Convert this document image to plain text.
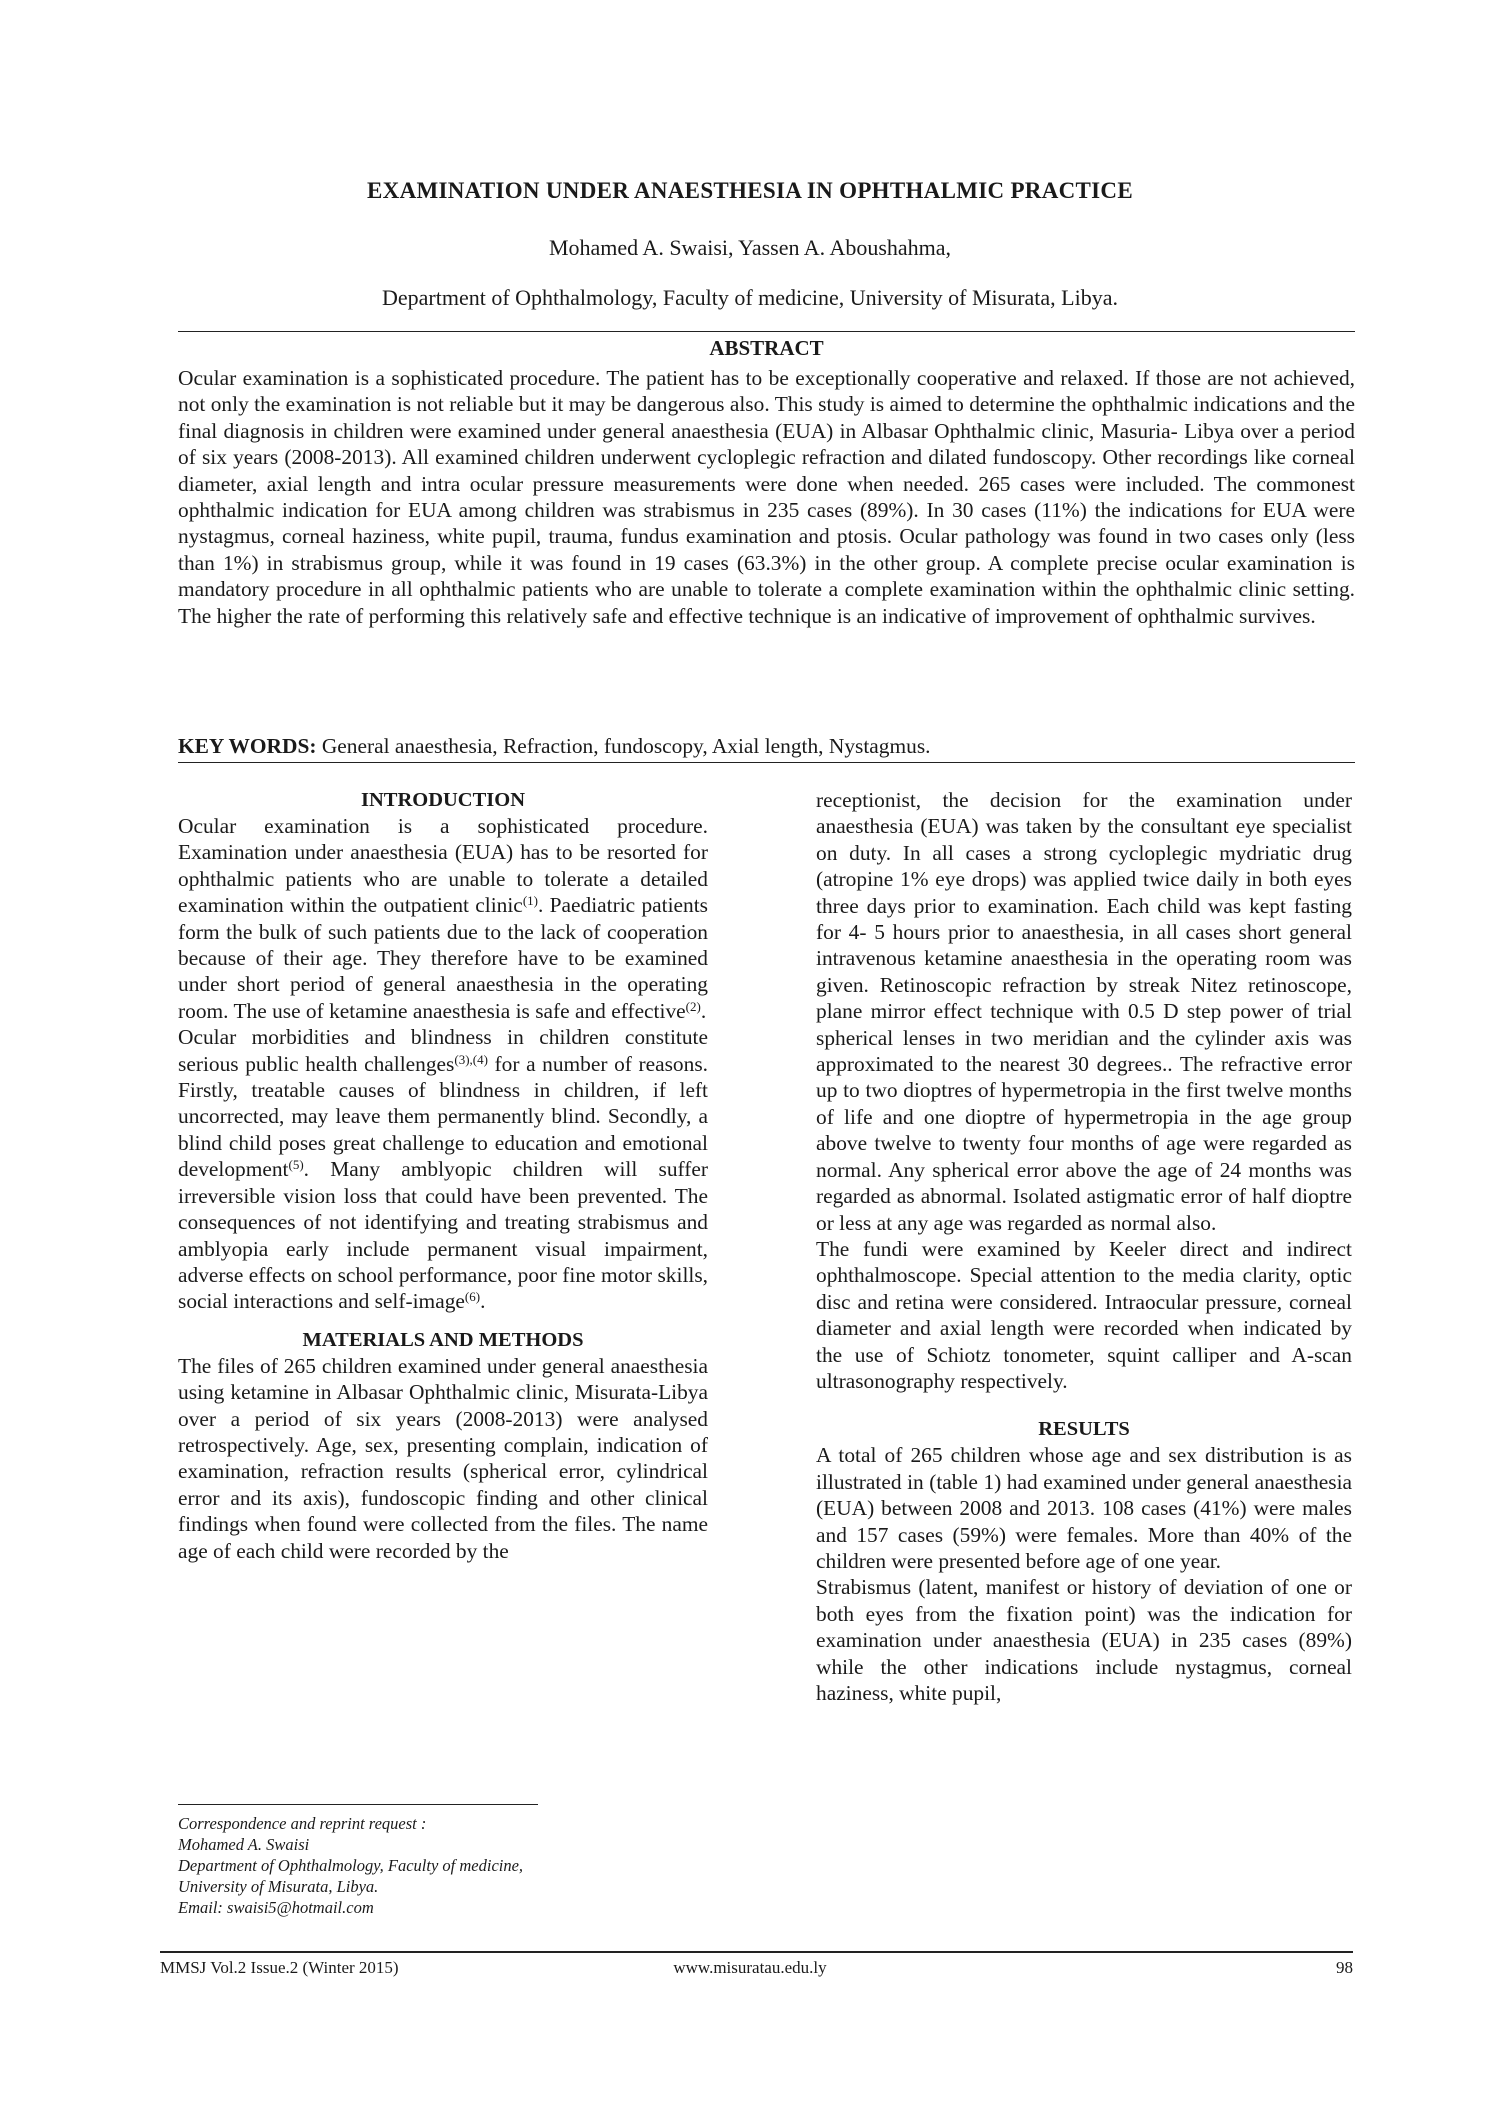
EXAMINATION UNDER ANAESTHESIA IN OPHTHALMIC PRACTICE
Mohamed A. Swaisi, Yassen A. Aboushahma,
Department of Ophthalmology, Faculty of medicine, University of Misurata, Libya.
ABSTRACT
Ocular examination is a sophisticated procedure. The patient has to be exceptionally cooperative and relaxed. If those are not achieved, not only the examination is not reliable but it may be dangerous also. This study is aimed to determine the ophthalmic indications and the final diagnosis in children were examined under general anaesthesia (EUA) in Albasar Ophthalmic clinic, Masuria- Libya over a period of six years (2008-2013). All examined children underwent cycloplegic refraction and dilated fundoscopy. Other recordings like corneal diameter, axial length and intra ocular pressure measurements were done when needed. 265 cases were included. The commonest ophthalmic indication for EUA among children was strabismus in 235 cases (89%). In 30 cases (11%) the indications for EUA were nystagmus, corneal haziness, white pupil, trauma, fundus examination and ptosis. Ocular pathology was found in two cases only (less than 1%) in strabismus group, while it was found in 19 cases (63.3%) in the other group. A complete precise ocular examination is mandatory procedure in all ophthalmic patients who are unable to tolerate a complete examination within the ophthalmic clinic setting. The higher the rate of performing this relatively safe and effective technique is an indicative of improvement of ophthalmic survives.
KEY WORDS: General anaesthesia, Refraction, fundoscopy, Axial length, Nystagmus.
INTRODUCTION

Ocular examination is a sophisticated procedure. Examination under anaesthesia (EUA) has to be resorted for ophthalmic patients who are unable to tolerate a detailed examination within the outpatient clinic$^{(1)}$. Paediatric patients form the bulk of such patients due to the lack of cooperation because of their age. They therefore have to be examined under short period of general anaesthesia in the operating room. The use of ketamine anaesthesia is safe and effective$^{(2)}$.

Ocular morbidities and blindness in children constitute serious public health challenges$^{(3),(4)}$ for a number of reasons. Firstly, treatable causes of blindness in children, if left uncorrected, may leave them permanently blind. Secondly, a blind child poses great challenge to education and emotional development$^{(5)}$. Many amblyopic children will suffer irreversible vision loss that could have been prevented. The consequences of not identifying and treating strabismus and amblyopia early include permanent visual impairment, adverse effects on school performance, poor fine motor skills, social interactions and self-image$^{(6)}$.

MATERIALS AND METHODS

The files of 265 children examined under general anaesthesia using ketamine in Albasar Ophthalmic clinic, Misurata-Libya over a period of six years (2008-2013) were analysed retrospectively. Age, sex, presenting complain, indication of examination, refraction results (spherical error, cylindrical error and its axis), fundoscopic finding and other clinical findings when found were collected from the files. The name age of each child were recorded by the

receptionist, the decision for the examination under anaesthesia (EUA) was taken by the consultant eye specialist on duty. In all cases a strong cycloplegic mydriatic drug (atropine 1% eye drops) was applied twice daily in both eyes three days prior to examination. Each child was kept fasting for 4- 5 hours prior to anaesthesia, in all cases short general intravenous ketamine anaesthesia in the operating room was given. Retinoscopic refraction by streak Nitez retinoscope, plane mirror effect technique with 0.5 D step power of trial spherical lenses in two meridian and the cylinder axis was approximated to the nearest 30 degrees.. The refractive error up to two dioptres of hypermetropia in the first twelve months of life and one dioptre of hypermetropia in the age group above twelve to twenty four months of age were regarded as normal. Any spherical error above the age of 24 months was regarded as abnormal. Isolated astigmatic error of half dioptre or less at any age was regarded as normal also.

The fundi were examined by Keeler direct and indirect ophthalmoscope. Special attention to the media clarity, optic disc and retina were considered. Intraocular pressure, corneal diameter and axial length were recorded when indicated by the use of Schiotz tonometer, squint calliper and A-scan ultrasonography respectively.

RESULTS

A total of 265 children whose age and sex distribution is as illustrated in (table 1) had examined under general anaesthesia (EUA) between 2008 and 2013. 108 cases (41%) were males and 157 cases (59%) were females. More than 40% of the children were presented before age of one year.

Strabismus (latent, manifest or history of deviation of one or both eyes from the fixation point) was the indication for examination under anaesthesia (EUA) in 235 cases (89%) while the other indications include nystagmus, corneal haziness, white pupil,

Correspondence and reprint request :
Mohamed A. Swaisi
Department of Ophthalmology, Faculty of medicine,
University of Misurata, Libya.
Email: swaisi5@hotmail.com
MMSJ Vol.2 Issue.2 (Winter 2015)	www.misuratau.edu.ly	98
